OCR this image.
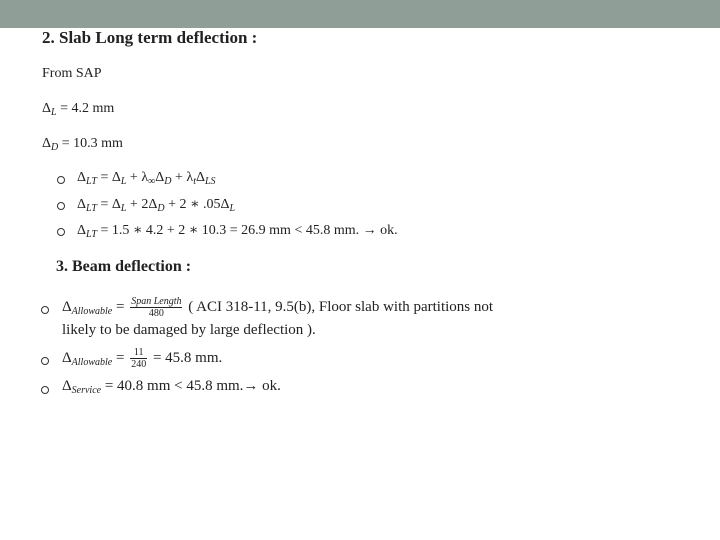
2. Slab Long term deflection :
From SAP
$\Delta_L = 4.2$ mm
$\Delta_D = 10.3$ mm
$\Delta_{LT} = \Delta_L + \lambda_\infty\Delta_D + \lambda_t\Delta_{LS}$
$\Delta_{LT} = \Delta_L + 2\Delta_D + 2$ ∗ $.05\Delta_L$
$\Delta_{LT} = 1.5$ ∗ 4.2 + 2 ∗ 10.3 = 26.9 mm < 45.8 mm. → ok.
3. Beam deflection :
$\Delta_{Allowable} = \frac{\text{Span Length}}{480}$ ( ACI 318-11, 9.5(b), Floor slab with partitions not
likely to be damaged by large deflection ).
$\Delta_{Allowable} = \frac{11}{240} = 45.8$ mm.
$\Delta_{Service} = 40.8$ mm < 45.8 mm.→ ok.
